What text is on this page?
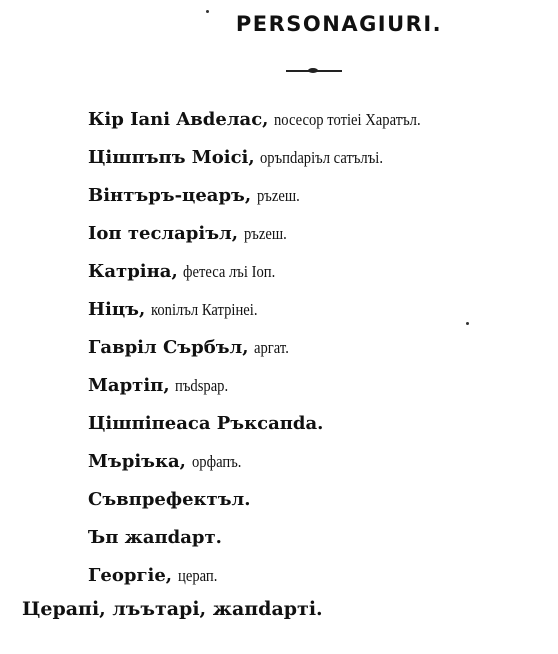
PERSONAGIURI.
Кір Іаnі Aвdeлас, nосесор тотіеі Харатъл.
Цішпъпъ Моісі, оръпdаріъл сатълъі.
Вінтъръ-цеаръ, ръzеш.
Іоп тесларіъл, ръzеш.
Катріна, фетеса лъі Іоп.
Ніцъ, коnілъл Катрінеі.
Гаврiл Сърбъл, аргат.
Мартіп, пъdsрар.
Цішпіпеаса Ръксапdа.
Мъріъка, орфапъ.
Съвпрефектъл.
Ъп жапdарт.
Георгіе, церап.
Церапі, лъътарі, жапdарті.
